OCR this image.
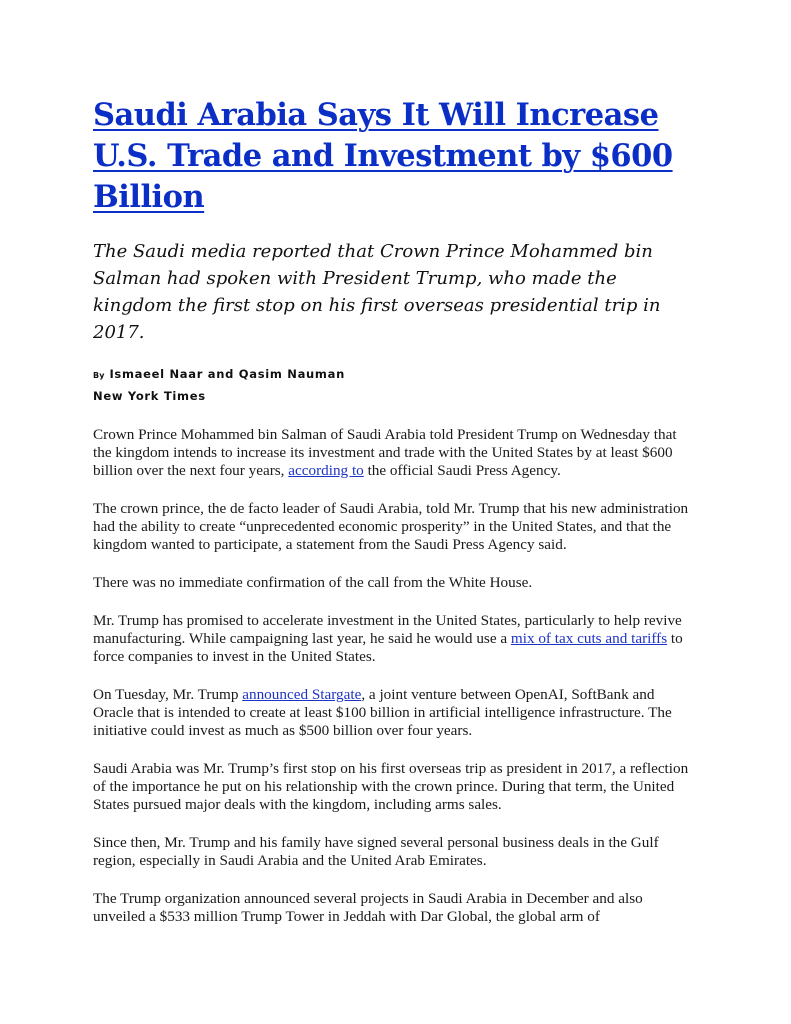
Saudi Arabia Says It Will Increase U.S. Trade and Investment by $600 Billion

The Saudi media reported that Crown Prince Mohammed bin Salman had spoken with President Trump, who made the kingdom the first stop on his first overseas presidential trip in 2017.

By Ismaeel Naar and Qasim Nauman
New York Times

Crown Prince Mohammed bin Salman of Saudi Arabia told President Trump on Wednesday that the kingdom intends to increase its investment and trade with the United States by at least $600 billion over the next four years, according to the official Saudi Press Agency.

The crown prince, the de facto leader of Saudi Arabia, told Mr. Trump that his new administration had the ability to create “unprecedented economic prosperity” in the United States, and that the kingdom wanted to participate, a statement from the Saudi Press Agency said.

There was no immediate confirmation of the call from the White House.

Mr. Trump has promised to accelerate investment in the United States, particularly to help revive manufacturing. While campaigning last year, he said he would use a mix of tax cuts and tariffs to force companies to invest in the United States.

On Tuesday, Mr. Trump announced Stargate, a joint venture between OpenAI, SoftBank and Oracle that is intended to create at least $100 billion in artificial intelligence infrastructure. The initiative could invest as much as $500 billion over four years.

Saudi Arabia was Mr. Trump’s first stop on his first overseas trip as president in 2017, a reflection of the importance he put on his relationship with the crown prince. During that term, the United States pursued major deals with the kingdom, including arms sales.

Since then, Mr. Trump and his family have signed several personal business deals in the Gulf region, especially in Saudi Arabia and the United Arab Emirates.

The Trump organization announced several projects in Saudi Arabia in December and also unveiled a $533 million Trump Tower in Jeddah with Dar Global, the global arm of
